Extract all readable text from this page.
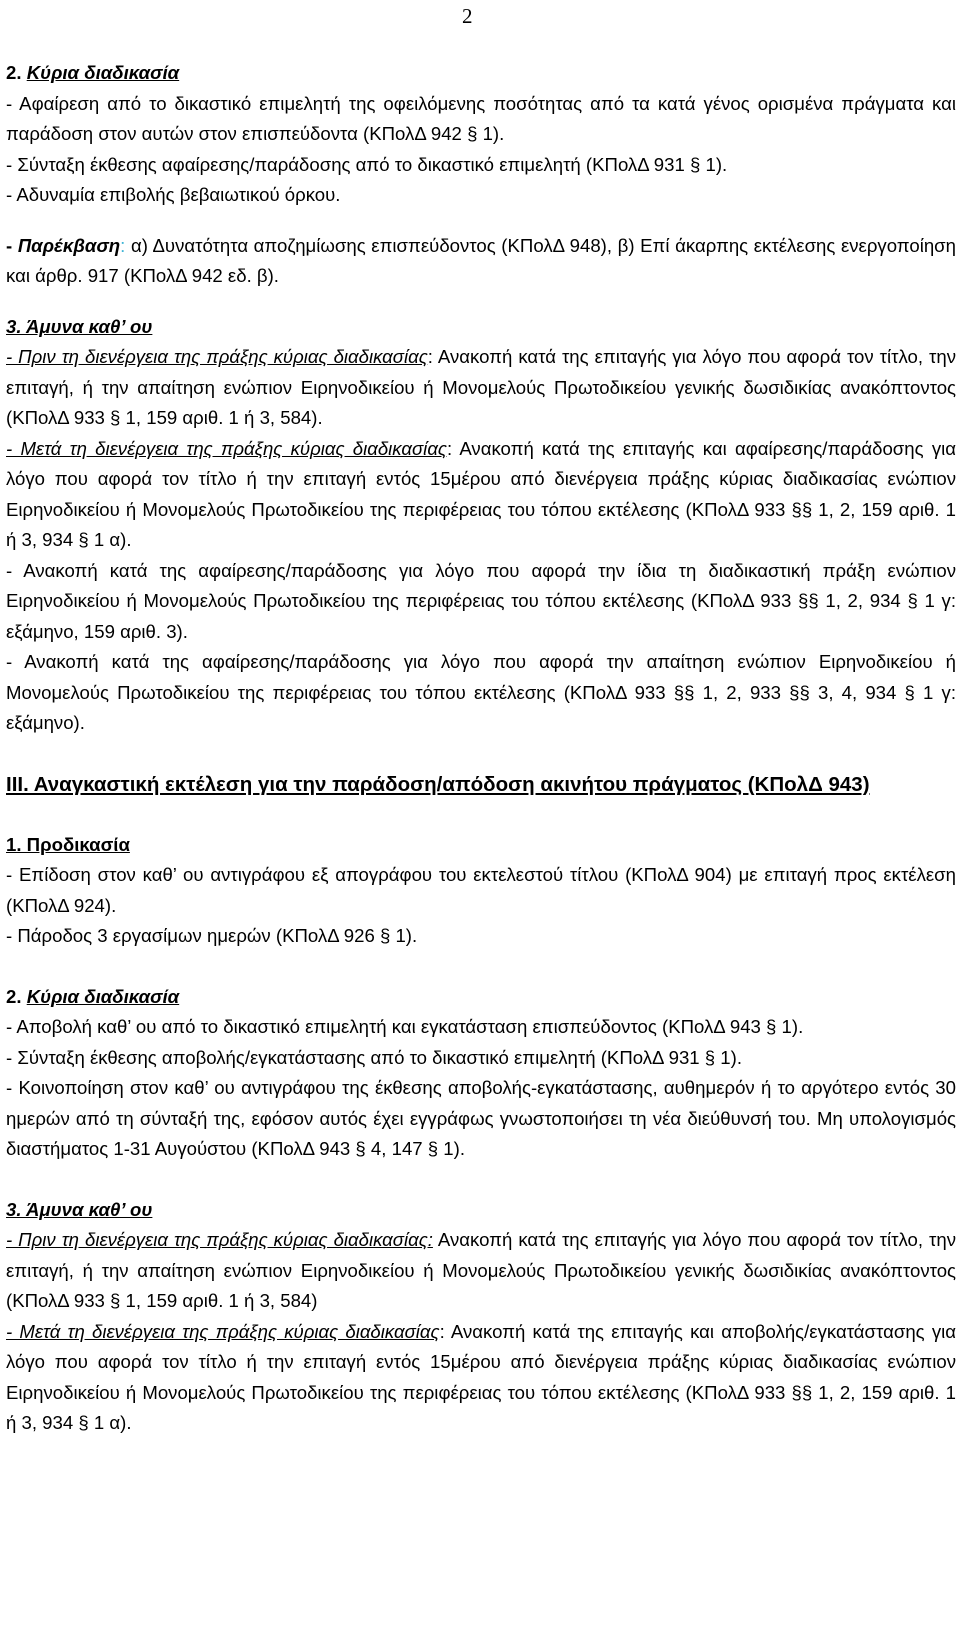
2

2. Κύρια διαδικασία

- Αφαίρεση από το δικαστικό επιμελητή της οφειλόμενης ποσότητας από τα κατά γένος ορισμένα πράγματα και παράδοση στον αυτών στον επισπεύδοντα (ΚΠολΔ 942 § 1).

- Σύνταξη έκθεσης αφαίρεσης/παράδοσης από το δικαστικό επιμελητή (ΚΠολΔ 931 § 1).

- Αδυναμία επιβολής βεβαιωτικού όρκου.

- Παρέκβαση: α) Δυνατότητα αποζημίωσης επισπεύδοντος (ΚΠολΔ 948), β) Επί άκαρπης εκτέλεσης ενεργοποίηση και άρθρ. 917 (ΚΠολΔ 942 εδ. β).

3. Άμυνα καθ’ ου

- Πριν τη διενέργεια της πράξης κύριας διαδικασίας: Ανακοπή κατά της επιταγής για λόγο που αφορά τον τίτλο, την επιταγή, ή την απαίτηση ενώπιον Ειρηνοδικείου ή Μονομελούς Πρωτοδικείου γενικής δωσιδικίας ανακόπτοντος (ΚΠολΔ 933 § 1, 159 αριθ. 1 ή 3, 584).

- Μετά τη διενέργεια της πράξης κύριας διαδικασίας: Ανακοπή κατά της επιταγής και αφαίρεσης/παράδοσης για λόγο που αφορά τον τίτλο ή την επιταγή εντός 15μέρου από διενέργεια πράξης κύριας διαδικασίας ενώπιον Ειρηνοδικείου ή Μονομελούς Πρωτοδικείου της περιφέρειας του τόπου εκτέλεσης (ΚΠολΔ 933 §§ 1, 2, 159 αριθ. 1 ή 3, 934 § 1 α).

- Ανακοπή κατά της αφαίρεσης/παράδοσης για λόγο που αφορά την ίδια τη διαδικαστική πράξη ενώπιον Ειρηνοδικείου ή Μονομελούς Πρωτοδικείου της περιφέρειας του τόπου εκτέλεσης (ΚΠολΔ 933 §§ 1, 2, 934 § 1 γ: εξάμηνο, 159 αριθ. 3).

- Ανακοπή κατά της αφαίρεσης/παράδοσης για λόγο που αφορά την απαίτηση ενώπιον Ειρηνοδικείου ή Μονομελούς Πρωτοδικείου της περιφέρειας του τόπου εκτέλεσης (ΚΠολΔ 933 §§ 1, 2, 933 §§ 3, 4, 934 § 1 γ: εξάμηνο).

ΙΙΙ. Αναγκαστική εκτέλεση για την παράδοση/απόδοση ακινήτου πράγματος (ΚΠολΔ 943)

1. Προδικασία

- Επίδοση στον καθ’ ου αντιγράφου εξ απογράφου του εκτελεστού τίτλου (ΚΠολΔ 904) με επιταγή προς εκτέλεση (ΚΠολΔ 924).

- Πάροδος 3 εργασίμων ημερών (ΚΠολΔ 926 § 1).

2. Κύρια διαδικασία

- Αποβολή καθ’ ου από το δικαστικό επιμελητή και εγκατάσταση επισπεύδοντος (ΚΠολΔ 943 § 1).

- Σύνταξη έκθεσης αποβολής/εγκατάστασης από το δικαστικό επιμελητή (ΚΠολΔ 931 § 1).

- Κοινοποίηση στον καθ’ ου αντιγράφου της έκθεσης αποβολής-εγκατάστασης, αυθημερόν ή το αργότερο εντός 30 ημερών από τη σύνταξή της, εφόσον αυτός έχει εγγράφως γνωστοποιήσει τη νέα διεύθυνσή του. Μη υπολογισμός διαστήματος 1-31 Αυγούστου (ΚΠολΔ 943 § 4, 147 § 1).

3. Άμυνα καθ’ ου

- Πριν τη διενέργεια της πράξης κύριας διαδικασίας: Ανακοπή κατά της επιταγής για λόγο που αφορά τον τίτλο, την επιταγή, ή την απαίτηση ενώπιον Ειρηνοδικείου ή Μονομελούς Πρωτοδικείου γενικής δωσιδικίας ανακόπτοντος (ΚΠολΔ 933 § 1, 159 αριθ. 1 ή 3, 584)

- Μετά τη διενέργεια της πράξης κύριας διαδικασίας: Ανακοπή κατά της επιταγής και αποβολής/εγκατάστασης για λόγο που αφορά τον τίτλο ή την επιταγή εντός 15μέρου από διενέργεια πράξης κύριας διαδικασίας ενώπιον Ειρηνοδικείου ή Μονομελούς Πρωτοδικείου της περιφέρειας του τόπου εκτέλεσης (ΚΠολΔ 933 §§ 1, 2, 159 αριθ. 1 ή 3, 934 § 1 α).
